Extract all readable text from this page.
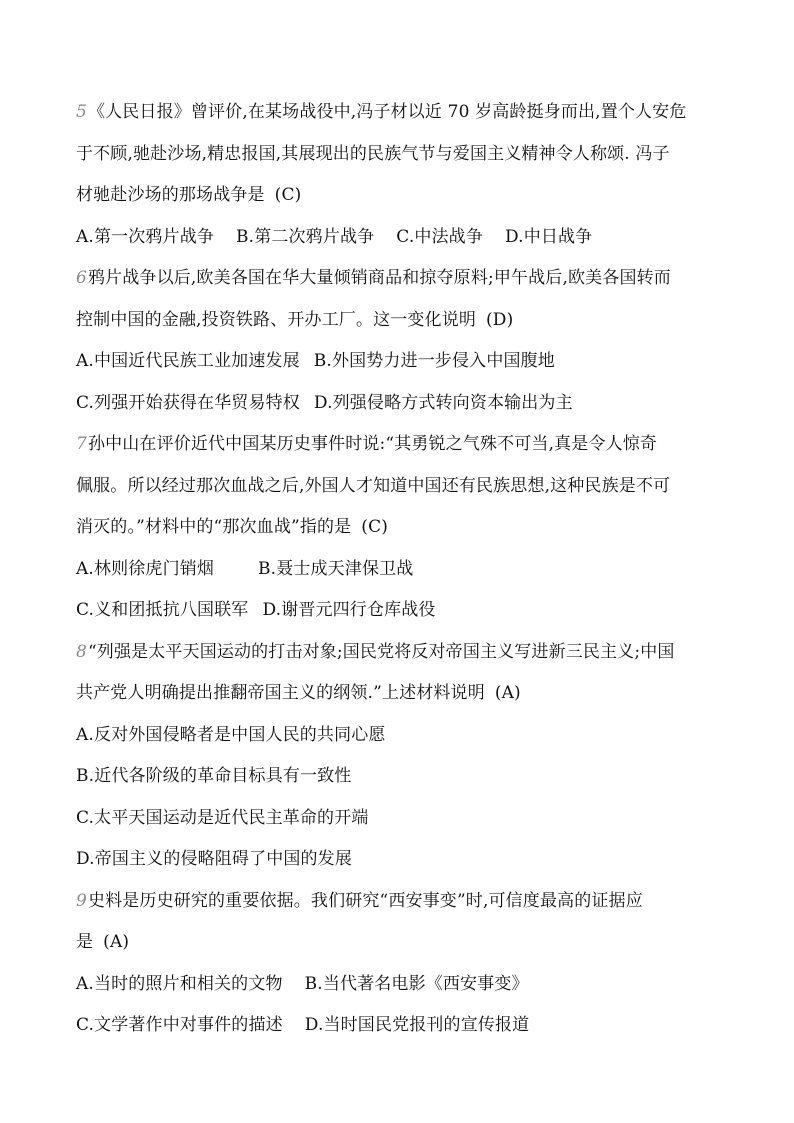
5《人民日报》曾评价,在某场战役中,冯子材以近 70 岁高龄挺身而出,置个人安危
于不顾,驰赴沙场,精忠报国,其展现出的民族气节与爱国主义精神令人称颂. 冯子
材驰赴沙场的那场战争是 (C)
A.第一次鸦片战争 B.第二次鸦片战争 C.中法战争 D.中日战争
6鸦片战争以后,欧美各国在华大量倾销商品和掠夺原料;甲午战后,欧美各国转而
控制中国的金融,投资铁路、开办工厂。这一变化说明 (D)
A.中国近代民族工业加速发展 B.外国势力进一步侵入中国腹地
C.列强开始获得在华贸易特权 D.列强侵略方式转向资本输出为主
7孙中山在评价近代中国某历史事件时说:“其勇锐之气殊不可当,真是令人惊奇
佩服。所以经过那次血战之后,外国人才知道中国还有民族思想,这种民族是不可
消灭的。”材料中的“那次血战”指的是 (C)
A.林则徐虎门销烟	B.聂士成天津保卫战
C.义和团抵抗八国联军 D.谢晋元四行仓库战役
8“列强是太平天国运动的打击对象;国民党将反对帝国主义写进新三民主义;中国
共产党人明确提出推翻帝国主义的纲领.”上述材料说明 (A)
A.反对外国侵略者是中国人民的共同心愿
B.近代各阶级的革命目标具有一致性
C.太平天国运动是近代民主革命的开端
D.帝国主义的侵略阻碍了中国的发展
9史料是历史研究的重要依据。我们研究“西安事变”时,可信度最高的证据应
是 (A)
A.当时的照片和相关的文物 B.当代著名电影《西安事变》
C.文学著作中对事件的描述 D.当时国民党报刊的宣传报道
